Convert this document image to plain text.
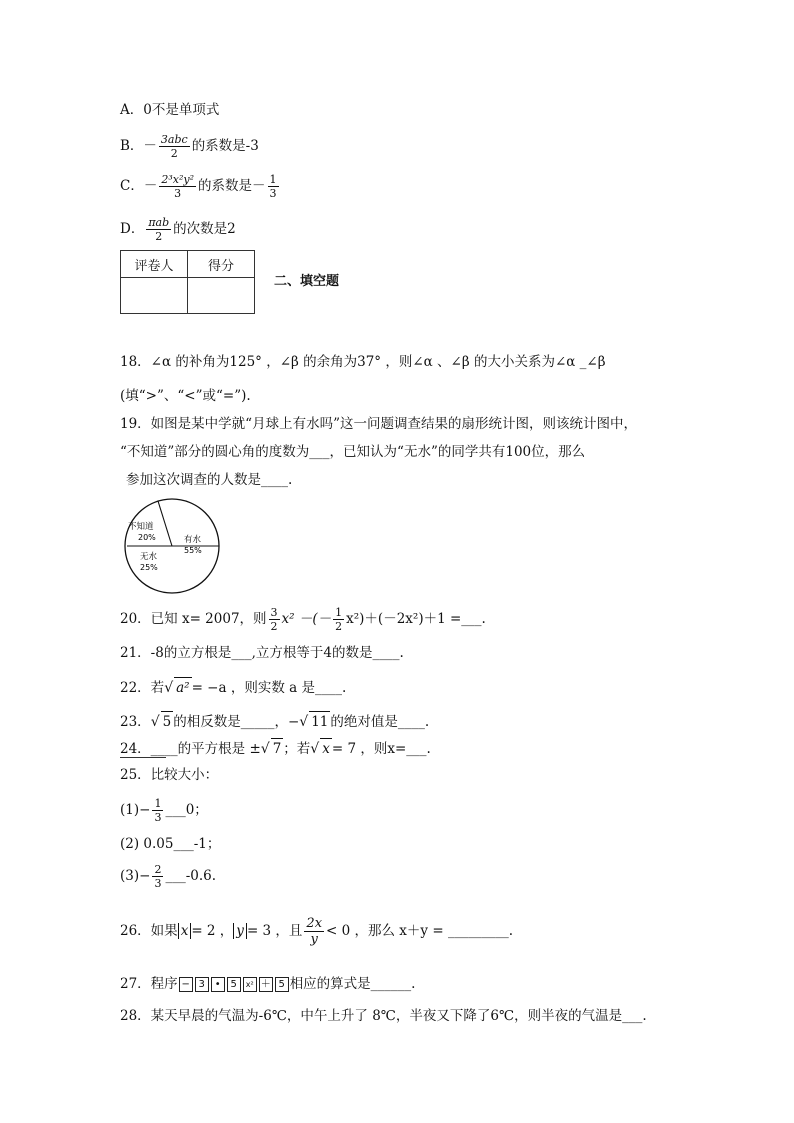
A．0不是单项式
B．－ $\frac{\text{3abc}}{2}$ 的系数是-3
C．－ $\frac{\text{2³x²y²}}{3}$ 的系数是－ $\frac{1}{3}$
D． $\frac{\text{πab}}{2}$ 的次数是2
评卷人	得分

二、填空题
18．∠α 的补角为125° ，∠β 的余角为37° ，则∠α 、∠β 的大小关系为∠α _∠β
(填“>”、“<”或“=”).
19．如图是某中学就“月球上有水吗”这一问题调查结果的扇形统计图，则该统计图中，
“不知道”部分的圆心角的度数为___，已知认为“无水”的同学共有100位，那么
参加这次调查的人数是____.
不知道
20%
无水
25%
有水
55%
20．已知 x= 2007，则 $\frac{3}{2} x^2$ －(－ $\frac{1}{2} x^2)+(-2x^2)+1$ =___.
21．-8的立方根是___,立方根等于4的数是____.
22．若√ a² = −a ，则实数 a 是____.
23．√ 5 的相反数是_____，−√ 11 的绝对值是____.
24．____的平方根是 ±√ 7 ；若√ x = 7 ，则x=___.
25．比较大小：
$(1)- \frac{1}{3}$ ___0；
(2) 0.05___-1；
$(3)- \frac{2}{3}$ ___-0.6.
26．如果 x = 2 ， y = 3 ，且 $\frac{2x}{y} < 0$ ，那么 x＋y = _________.
27．程序 − 3 • 5 x² ＋ 5 相应的算式是______.
28．某天早晨的气温为-6℃，中午上升了 8℃，半夜又下降了6℃，则半夜的气温是___.
